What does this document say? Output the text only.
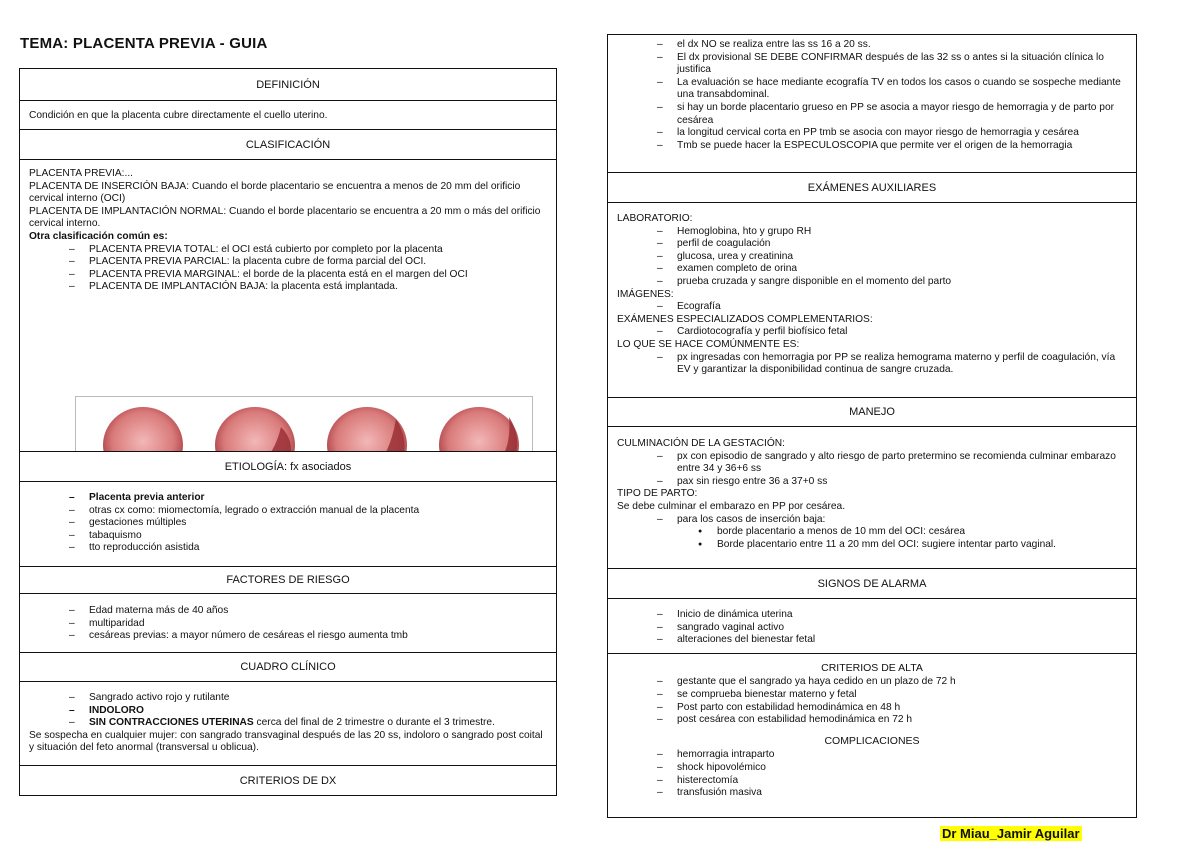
TEMA: PLACENTA PREVIA - GUIA
DEFINICIÓN
Condición en que la placenta cubre directamente el cuello uterino.
CLASIFICACIÓN
PLACENTA PREVIA:...
PLACENTA DE INSERCIÓN BAJA: Cuando el borde placentario se encuentra a menos de 20 mm del orificio cervical interno (OCI)
PLACENTA DE IMPLANTACIÓN NORMAL: Cuando el borde placentario se encuentra a 20 mm o más del orificio cervical interno.
Otra clasificación común es:
– PLACENTA PREVIA TOTAL: el OCI está cubierto por completo por la placenta
– PLACENTA PREVIA PARCIAL: la placenta cubre de forma parcial del OCI.
– PLACENTA PREVIA MARGINAL: el borde de la placenta está en el margen del OCI
– PLACENTA DE IMPLANTACIÓN BAJA: la placenta está implantada.
ETIOLOGÍA: fx asociados
– Placenta previa anterior
– otras cx como: miomectomía, legrado o extracción manual de la placenta
– gestaciones múltiples
– tabaquismo
– tto reproducción asistida
FACTORES DE RIESGO
– Edad materna más de 40 años
– multiparidad
– cesáreas previas: a mayor número de cesáreas el riesgo aumenta tmb
CUADRO CLÍNICO
– Sangrado activo rojo y rutilante
– INDOLORO
– SIN CONTRACCIONES UTERINAS cerca del final de 2 trimestre o durante el 3 trimestre.
Se sospecha en cualquier mujer: con sangrado transvaginal después de las 20 ss, indoloro o sangrado post coital y situación del feto anormal (transversal u oblicua).
CRITERIOS DE DX
– el dx NO se realiza entre las ss 16 a 20 ss.
– El dx provisional SE DEBE CONFIRMAR después de las 32 ss o antes si la situación clínica lo justifica
– La evaluación se hace mediante ecografía TV en todos los casos o cuando se sospeche mediante una transabdominal.
– si hay un borde placentario grueso en PP se asocia a mayor riesgo de hemorragia y de parto por cesárea
– la longitud cervical corta en PP tmb se asocia con mayor riesgo de hemorragia y cesárea
– Tmb se puede hacer la ESPECULOSCOPIA que permite ver el origen de la hemorragia
EXÁMENES AUXILIARES
LABORATORIO:
– Hemoglobina, hto y grupo RH
– perfil de coagulación
– glucosa, urea y creatinina
– examen completo de orina
– prueba cruzada y sangre disponible en el momento del parto
IMÁGENES:
– Ecografía
EXÁMENES ESPECIALIZADOS COMPLEMENTARIOS:
– Cardiotocografía y perfil biofísico fetal
LO QUE SE HACE COMÚNMENTE ES:
– px ingresadas con hemorragia por PP se realiza hemograma materno y perfil de coagulación, vía EV y garantizar la disponibilidad continua de sangre cruzada.
MANEJO
CULMINACIÓN DE LA GESTACIÓN:
– px con episodio de sangrado y alto riesgo de parto pretermino se recomienda culminar embarazo entre 34 y 36+6 ss
– pax sin riesgo entre 36 a 37+0 ss
TIPO DE PARTO:
Se debe culminar el embarazo en PP por cesárea.
– para los casos de inserción baja:
● borde placentario a menos de 10 mm del OCI: cesárea
● Borde placentario entre 11 a 20 mm del OCI: sugiere intentar parto vaginal.
SIGNOS DE ALARMA
– Inicio de dinámica uterina
– sangrado vaginal activo
– alteraciones del bienestar fetal
CRITERIOS DE ALTA
– gestante que el sangrado ya haya cedido en un plazo de 72 h
– se comprueba bienestar materno y fetal
– Post parto con estabilidad hemodinámica en 48 h
– post cesárea con estabilidad hemodinámica en 72 h
COMPLICACIONES
– hemorragia intraparto
– shock hipovolémico
– histerectomía
– transfusión masiva
Dr Miau_Jamir Aguilar
